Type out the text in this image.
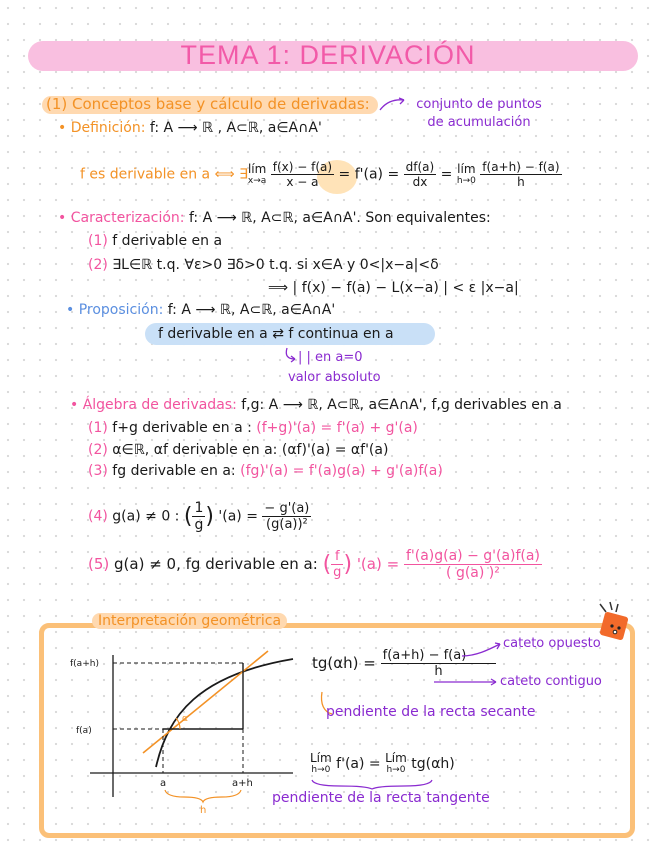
TEMA 1: DERIVACIÓN
(1) Conceptos base y cálculo de derivadas:	conjunto de puntos de acumulación
• Definición: f: A ⟶ ℝ , A⊂ℝ, a∈A∩A'
f es derivable en a ⟺ ∃lím
x→a
$\frac{f(x) - f(a)}{x - a} = f'(a) = \frac{df(a)}{dx}$ = lím
h→0
$\frac{f(a+h) - f(a)}{h}$
• Caracterización: f: A ⟶ ℝ, A⊂ℝ, a∈A∩A'. Son equivalentes:
(1) f derivable en a
(2) ∃L∈ℝ t.q. ∀ε>0 ∃δ>0 t.q. si x∈A y 0<|x−a|<δ
⟹ | f(x) − f(a) − L(x−a) | < ε |x−a|
• Proposición: f: A ⟶ ℝ, A⊂ℝ, a∈A∩A'
f derivable en a ⇄ f continua en a
| | en a=0
valor absoluto
• Álgebra de derivadas: f,g: A ⟶ ℝ, A⊂ℝ, a∈A∩A', f,g derivables en a
(1) f+g derivable en a : (f+g)'(a) = f'(a) + g'(a)
(2) α∈ℝ, αf derivable en a: (αf)'(a) = αf'(a)
(3) fg derivable en a: (fg)'(a) = f'(a)g(a) + g'(a)f(a)
(4) g(a) ≠ 0 : ( $\frac{1}{g}$ ) '$(a) = \frac{- g'(a)}{\text{(g(a))²}}$
(5) g(a) ≠ 0, fg derivable en a: ( $\frac{f}{g}$ ) '$(a) = \frac{f'(a)g(a) - g'(a)f(a)}{\text{( g(a) )²}}$
Interpretación geométrica
α
f(a+h)
f(a)
a	a+h
h
$tg(\alpha h) = \frac{f(a+h) - f(a)}{h}$
cateto opuesto
cateto contiguo
pendiente de la recta secante
Lím
h→0 f'(a) = Lím
h→0 tg(αh)
pendiente de la recta tangente
